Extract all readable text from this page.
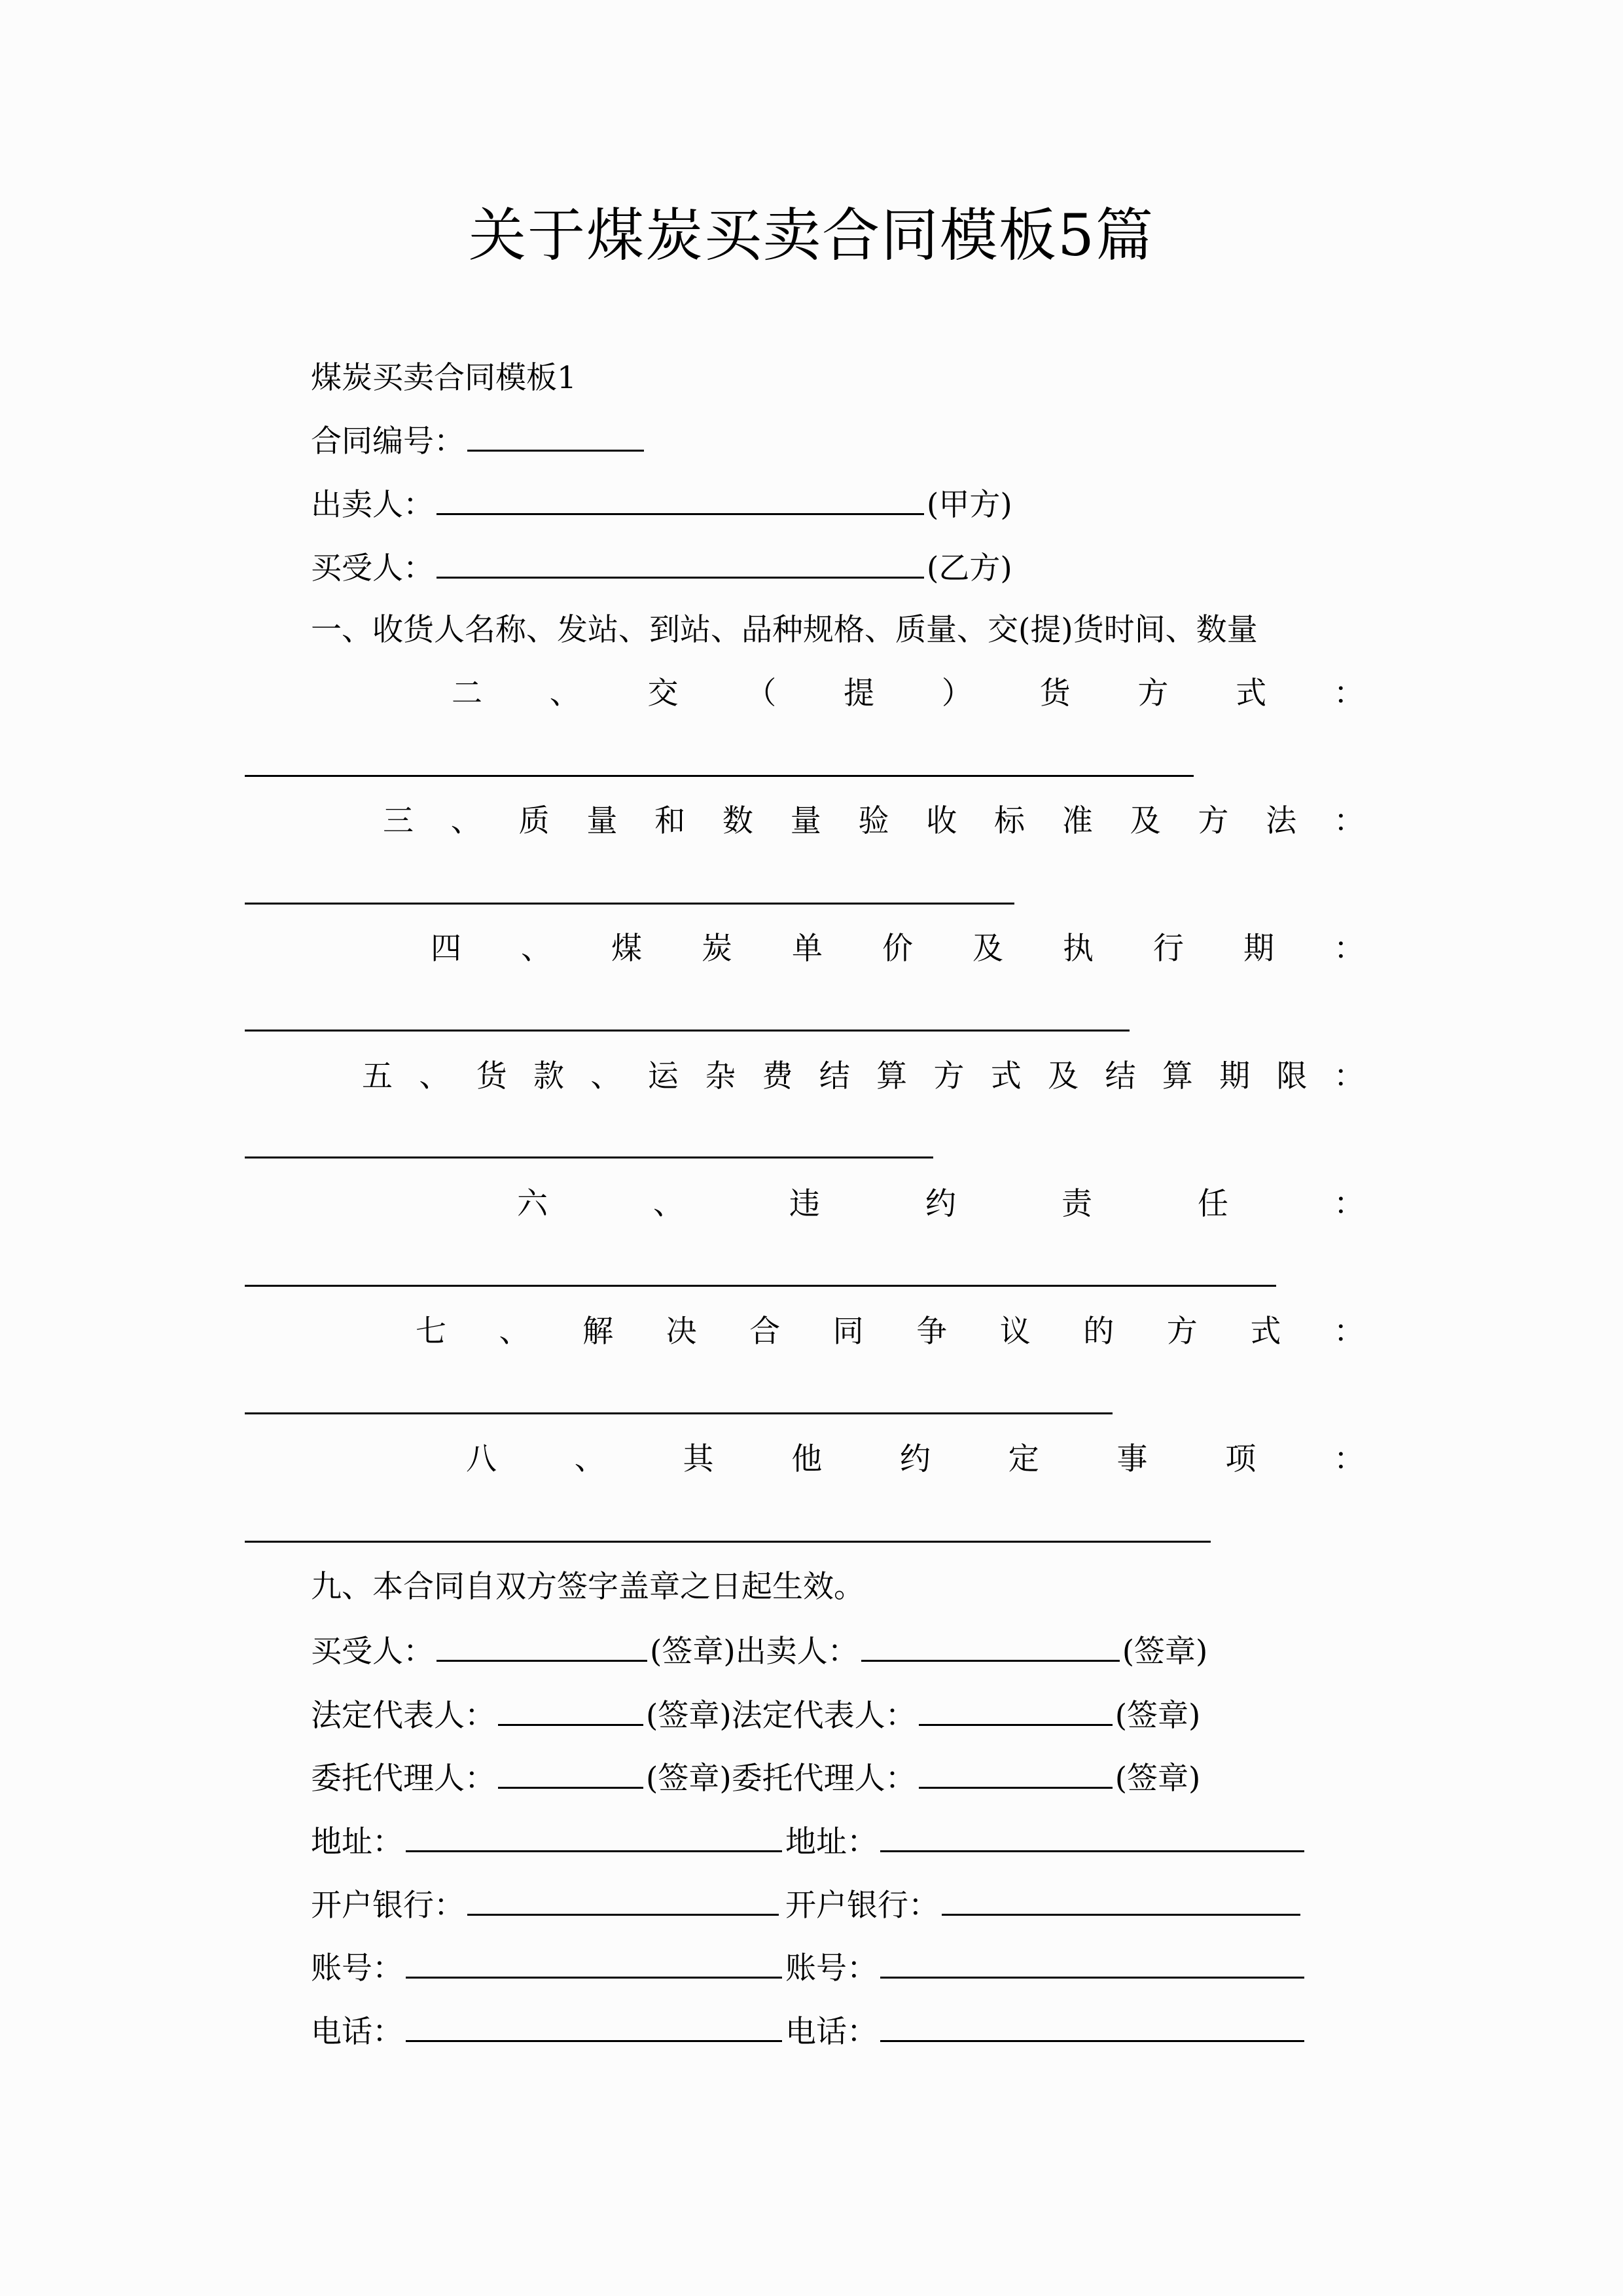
关于煤炭买卖合同模板5篇
煤炭买卖合同模板1
合同编号：
出卖人：	(甲方)
买受人：	(乙方)
一、收货人名称、发站、到站、品种规格、质量、交(提)货时间、数量
二 、 交 （ 提 ） 货 方 式 ：
三 、 质 量 和 数 量 验 收 标 准 及 方 法 ：
四 、 煤 炭 单 价 及 执 行 期 ：
五 、 货 款 、 运 杂 费 结 算 方 式 及 结 算 期 限 ：
六	、	违	约	责	任	：
七 、 解 决 合 同 争 议 的 方 式 ：
八	、	其	他	约	定	事	项	：
九、本合同自双方签字盖章之日起生效。
买受人：	(签章)出卖人：	(签章)
法定代表人：	(签章)法定代表人：	(签章)
委托代理人：	(签章)委托代理人：	(签章)
地址：	地址：
开户银行：	开户银行：
账号：	账号：
电话：	电话：
